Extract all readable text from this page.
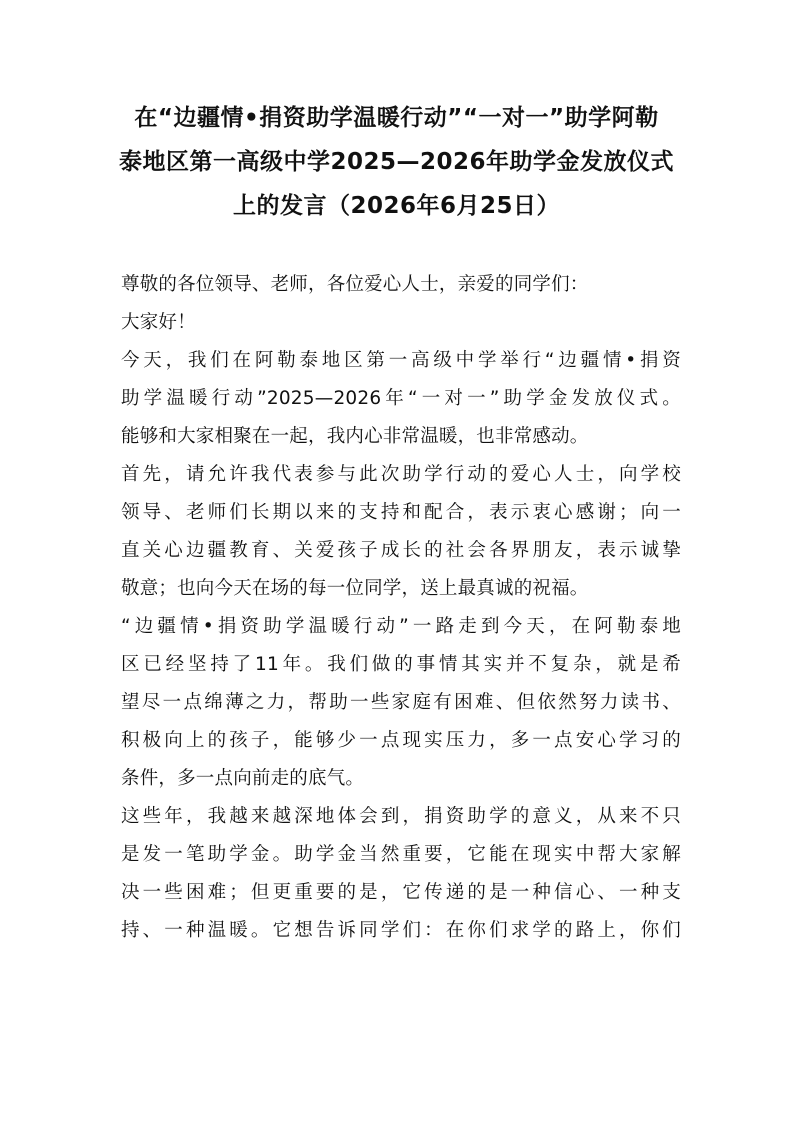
在“边疆情•捐资助学温暖行动”“一对一”助学阿勒
泰地区第一高级中学2025—2026年助学金发放仪式
上的发言（2026年6月25日）
尊敬的各位领导、老师，各位爱心人士，亲爱的同学们：
大家好！
今天，我们在阿勒泰地区第一高级中学举行“边疆情•捐资
助学温暖行动”2025—2026年“一对一”助学金发放仪式。
能够和大家相聚在一起，我内心非常温暖，也非常感动。
首先，请允许我代表参与此次助学行动的爱心人士，向学校
领导、老师们长期以来的支持和配合，表示衷心感谢；向一
直关心边疆教育、关爱孩子成长的社会各界朋友，表示诚挚
敬意；也向今天在场的每一位同学，送上最真诚的祝福。
“边疆情•捐资助学温暖行动”一路走到今天，在阿勒泰地
区已经坚持了11年。我们做的事情其实并不复杂，就是希
望尽一点绵薄之力，帮助一些家庭有困难、但依然努力读书、
积极向上的孩子，能够少一点现实压力，多一点安心学习的
条件，多一点向前走的底气。
这些年，我越来越深地体会到，捐资助学的意义，从来不只
是发一笔助学金。助学金当然重要，它能在现实中帮大家解
决一些困难；但更重要的是，它传递的是一种信心、一种支
持、一种温暖。它想告诉同学们：在你们求学的路上，你们
